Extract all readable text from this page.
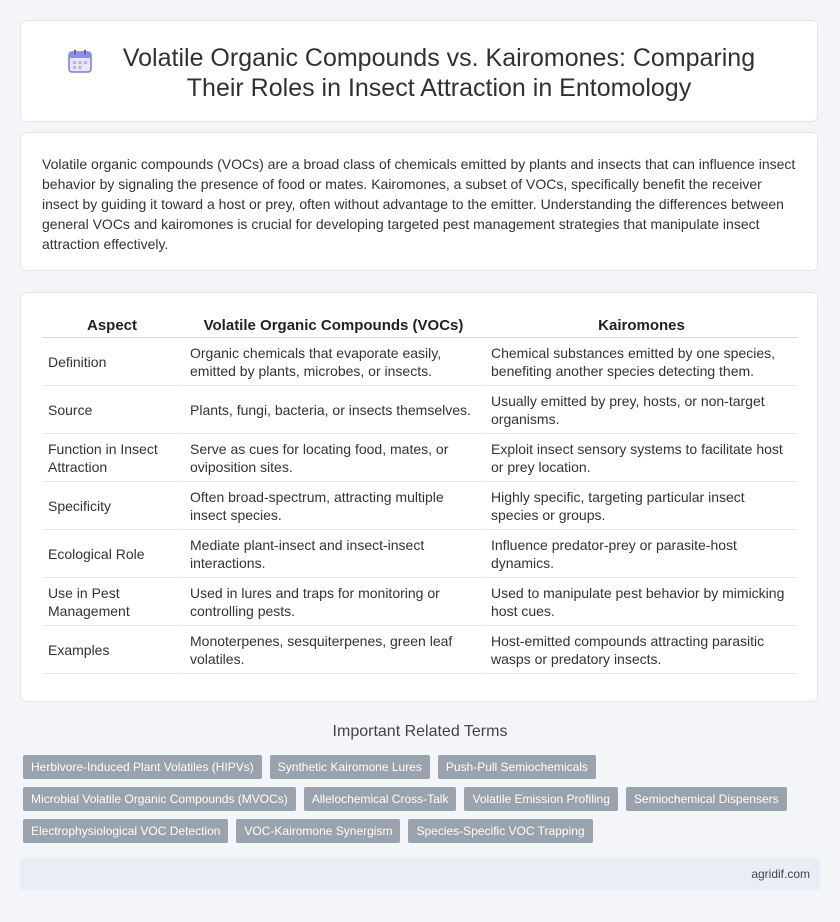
Volatile Organic Compounds vs. Kairomones: Comparing Their Roles in Insect Attraction in Entomology

Volatile organic compounds (VOCs) are a broad class of chemicals emitted by plants and insects that can influence insect behavior by signaling the presence of food or mates. Kairomones, a subset of VOCs, specifically benefit the receiver insect by guiding it toward a host or prey, often without advantage to the emitter. Understanding the differences between general VOCs and kairomones is crucial for developing targeted pest management strategies that manipulate insect attraction effectively.

Aspect	Volatile Organic Compounds (VOCs)	Kairomones
Definition	Organic chemicals that evaporate easily, emitted by plants, microbes, or insects.	Chemical substances emitted by one species, benefiting another species detecting them.
Source	Plants, fungi, bacteria, or insects themselves.	Usually emitted by prey, hosts, or non-target organisms.
Function in Insect Attraction	Serve as cues for locating food, mates, or oviposition sites.	Exploit insect sensory systems to facilitate host or prey location.
Specificity	Often broad-spectrum, attracting multiple insect species.	Highly specific, targeting particular insect species or groups.
Ecological Role	Mediate plant-insect and insect-insect interactions.	Influence predator-prey or parasite-host dynamics.
Use in Pest Management	Used in lures and traps for monitoring or controlling pests.	Used to manipulate pest behavior by mimicking host cues.
Examples	Monoterpenes, sesquiterpenes, green leaf volatiles.	Host-emitted compounds attracting parasitic wasps or predatory insects.
Important Related Terms
Herbivore-Induced Plant Volatiles (HIPVs)	Synthetic Kairomone Lures	Push-Pull Semiochemicals
Microbial Volatile Organic Compounds (MVOCs)	Allelochemical Cross-Talk	Volatile Emission Profiling	Semiochemical Dispensers
Electrophysiological VOC Detection	VOC-Kairomone Synergism	Species-Specific VOC Trapping
agridif.com
